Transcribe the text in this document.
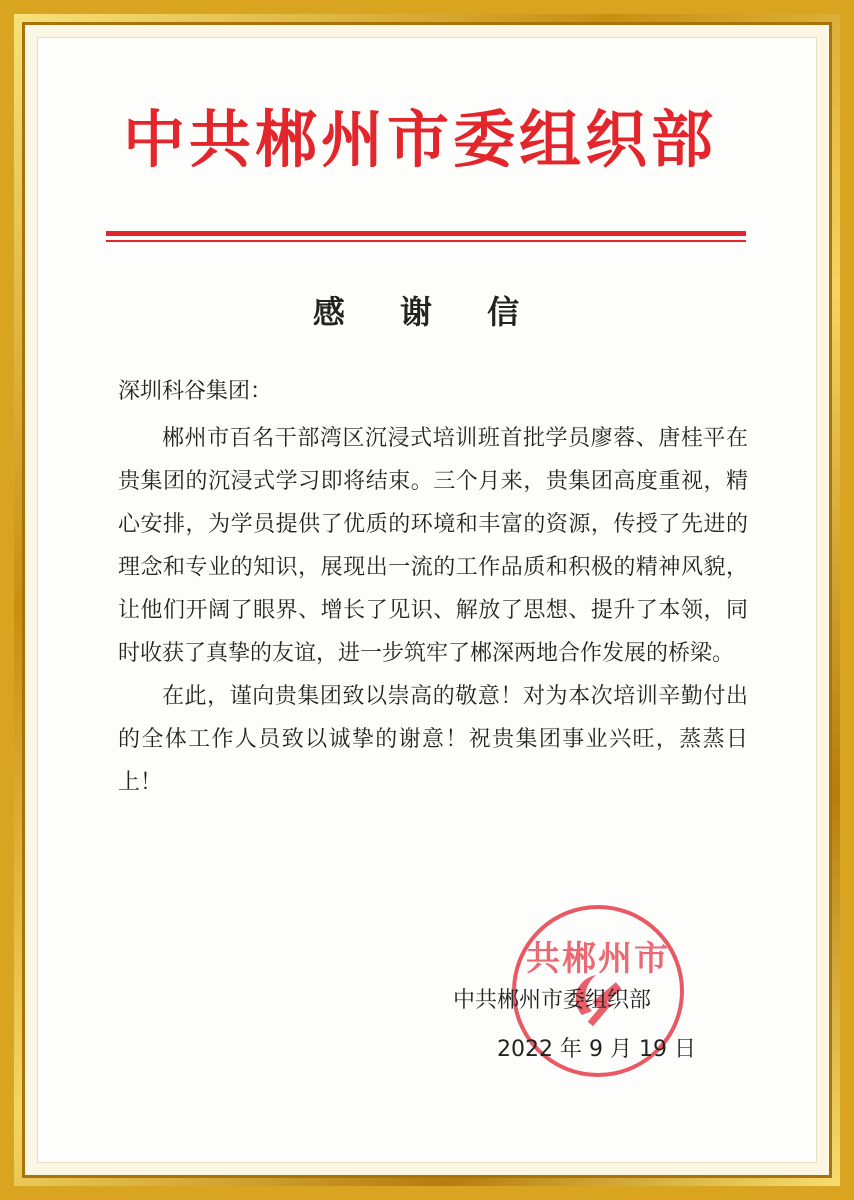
中共郴州市委组织部
感 谢 信

深圳科谷集团：

郴州市百名干部湾区沉浸式培训班首批学员廖蓉、唐桂平在贵集团的沉浸式学习即将结束。三个月来，贵集团高度重视，精心安排，为学员提供了优质的环境和丰富的资源，传授了先进的理念和专业的知识，展现出一流的工作品质和积极的精神风貌，让他们开阔了眼界、增长了见识、解放了思想、提升了本领，同时收获了真挚的友谊，进一步筑牢了郴深两地合作发展的桥梁。

在此，谨向贵集团致以崇高的敬意！对为本次培训辛勤付出的全体工作人员致以诚挚的谢意！祝贵集团事业兴旺，蒸蒸日上！

共郴州市
中共郴州市委组织部
2022 年 9 月 19 日
